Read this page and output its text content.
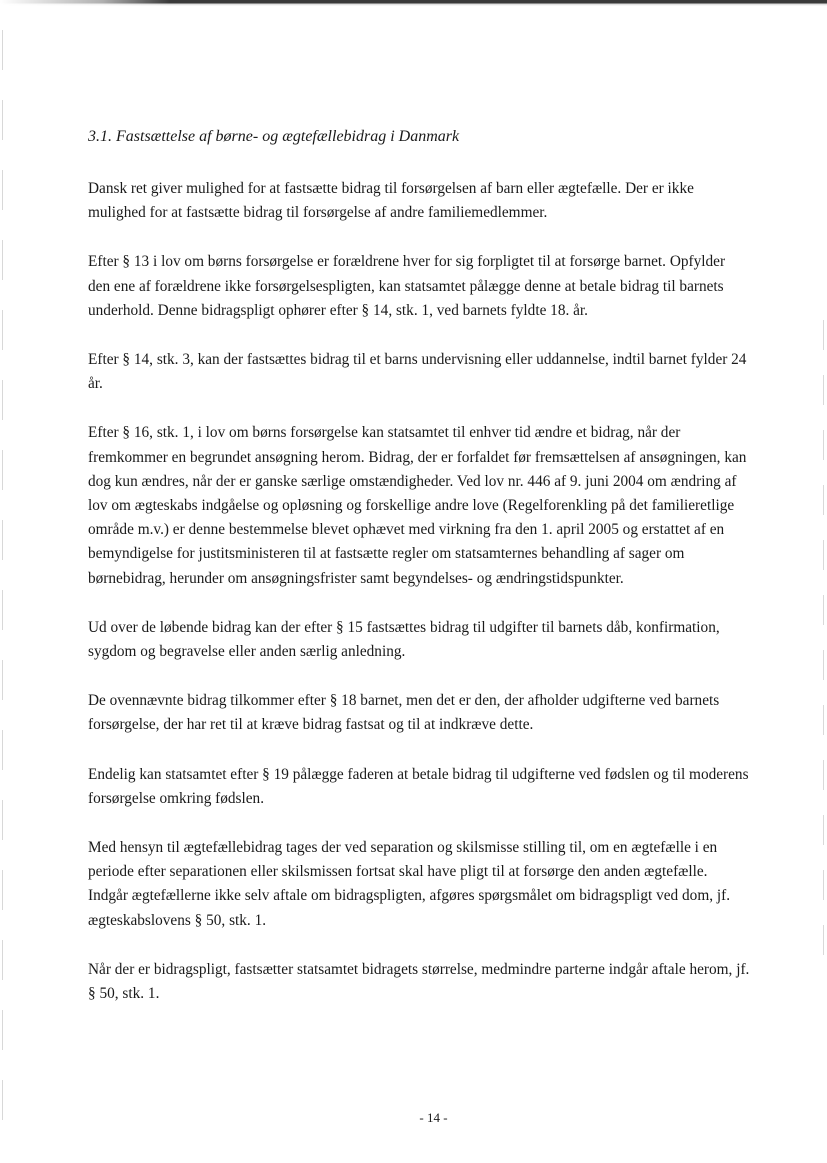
3.1. Fastsættelse af børne- og ægtefællebidrag i Danmark

Dansk ret giver mulighed for at fastsætte bidrag til forsørgelsen af barn eller ægtefælle. Der er ikke mulighed for at fastsætte bidrag til forsørgelse af andre familiemedlemmer.

Efter § 13 i lov om børns forsørgelse er forældrene hver for sig forpligtet til at forsørge barnet. Opfylder den ene af forældrene ikke forsørgelsespligten, kan statsamtet pålægge denne at betale bidrag til barnets underhold. Denne bidragspligt ophører efter § 14, stk. 1, ved barnets fyldte 18. år.

Efter § 14, stk. 3, kan der fastsættes bidrag til et barns undervisning eller uddannelse, indtil barnet fylder 24 år.

Efter § 16, stk. 1, i lov om børns forsørgelse kan statsamtet til enhver tid ændre et bidrag, når der fremkommer en begrundet ansøgning herom. Bidrag, der er forfaldet før fremsættelsen af ansøgningen, kan dog kun ændres, når der er ganske særlige omstændigheder. Ved lov nr. 446 af 9. juni 2004 om ændring af lov om ægteskabs indgåelse og opløsning og forskellige andre love (Regelforenkling på det familieretlige område m.v.) er denne bestemmelse blevet ophævet med virkning fra den 1. april 2005 og erstattet af en bemyndigelse for justitsministeren til at fastsætte regler om statsamternes behandling af sager om børnebidrag, herunder om ansøgningsfrister samt begyndelses- og ændringstidspunkter.

Ud over de løbende bidrag kan der efter § 15 fastsættes bidrag til udgifter til barnets dåb, konfirmation, sygdom og begravelse eller anden særlig anledning.

De ovennævnte bidrag tilkommer efter § 18 barnet, men det er den, der afholder udgifterne ved barnets forsørgelse, der har ret til at kræve bidrag fastsat og til at indkræve dette.

Endelig kan statsamtet efter § 19 pålægge faderen at betale bidrag til udgifterne ved fødslen og til moderens forsørgelse omkring fødslen.

Med hensyn til ægtefællebidrag tages der ved separation og skilsmisse stilling til, om en ægtefælle i en periode efter separationen eller skilsmissen fortsat skal have pligt til at forsørge den anden ægtefælle. Indgår ægtefællerne ikke selv aftale om bidragspligten, afgøres spørgsmålet om bidragspligt ved dom, jf. ægteskabslovens § 50, stk. 1.

Når der er bidragspligt, fastsætter statsamtet bidragets størrelse, medmindre parterne indgår aftale herom, jf. § 50, stk. 1.

- 14 -
